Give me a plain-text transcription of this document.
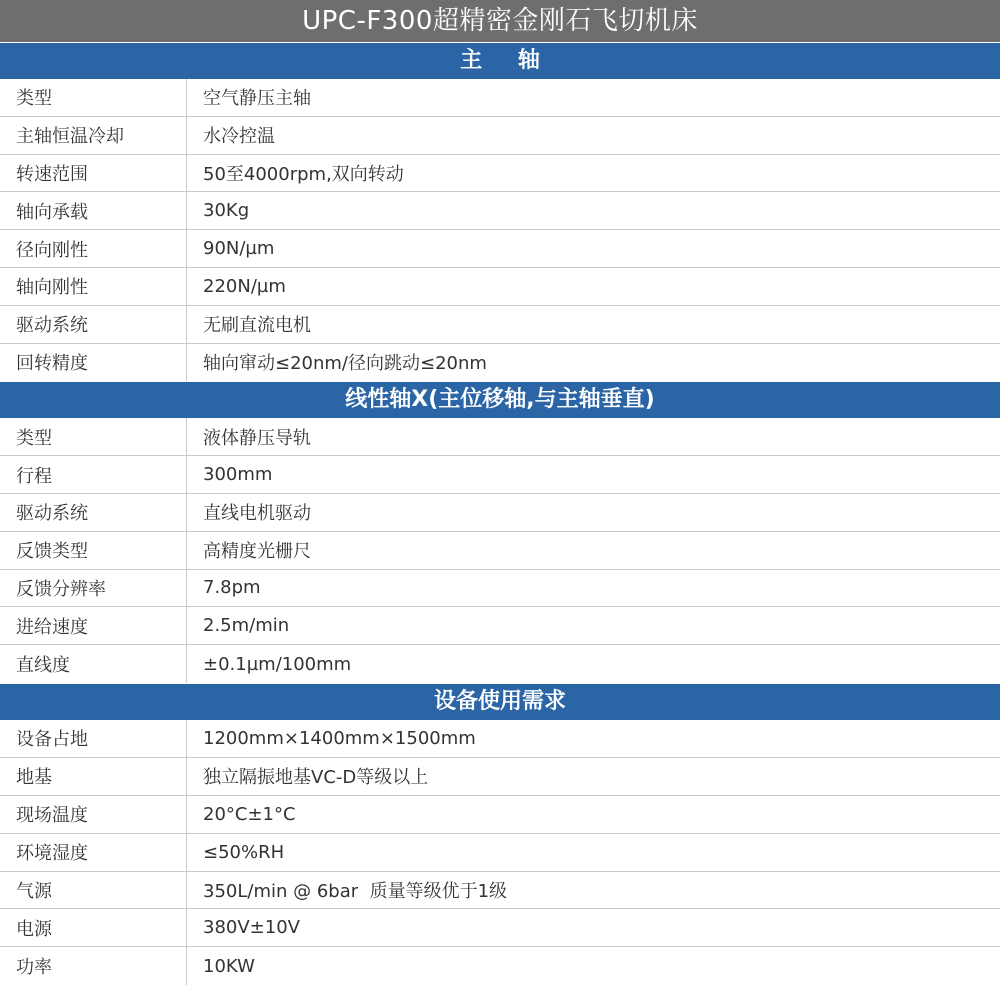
UPC-F300超精密金刚石飞切机床
主 轴
类型	空气静压主轴
主轴恒温冷却	水冷控温
转速范围	50至4000rpm,双向转动
轴向承载	30Kg
径向刚性	90N/µm
轴向刚性	220N/µm
驱动系统	无刷直流电机
回转精度	轴向窜动≤20nm/径向跳动≤20nm
线性轴X(主位移轴,与主轴垂直)
类型	液体静压导轨
行程	300mm
驱动系统	直线电机驱动
反馈类型	高精度光栅尺
反馈分辨率	7.8pm
进给速度	2.5m/min
直线度	±0.1µm/100mm
设备使用需求
设备占地	1200mm×1400mm×1500mm
地基	独立隔振地基VC-D等级以上
现场温度	20°C±1°C
环境湿度	≤50%RH
气源	350L/min @ 6bar  质量等级优于1级
电源	380V±10V
功率	10KW
